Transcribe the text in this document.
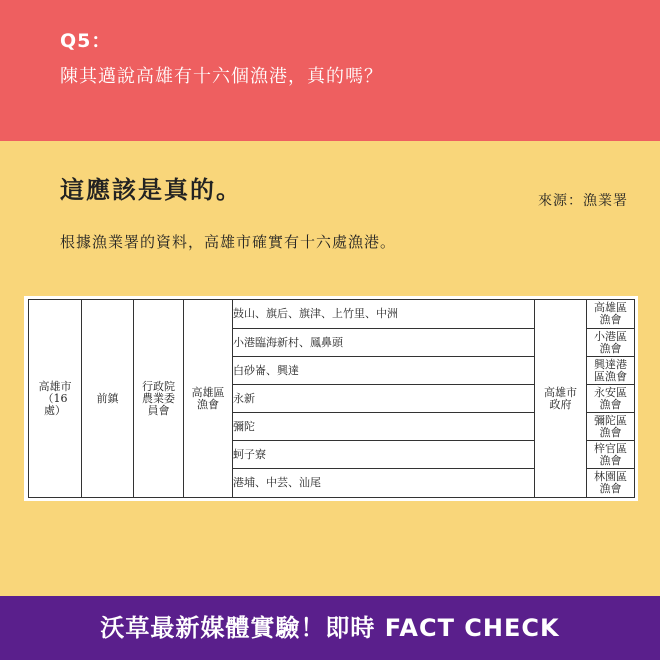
Q5：
陳其邁說高雄有十六個漁港，真的嗎？
這應該是真的。	來源：漁業署
根據漁業署的資料，高雄市確實有十六處漁港。
高雄市（16處）	前鎮	行政院農業委員會	高雄區漁會	鼓山、旗后、旗津、上竹里、中洲	高雄市政府	高雄區漁會
				小港臨海新村、鳳鼻頭		小港區漁會
				白砂崙、興達		興達港區漁會
				永新		永安區漁會
				彌陀		彌陀區漁會
				蚵子寮		梓官區漁會
				港埔、中芸、汕尾		林園區漁會
沃草最新媒體實驗！即時 FACT CHECK
